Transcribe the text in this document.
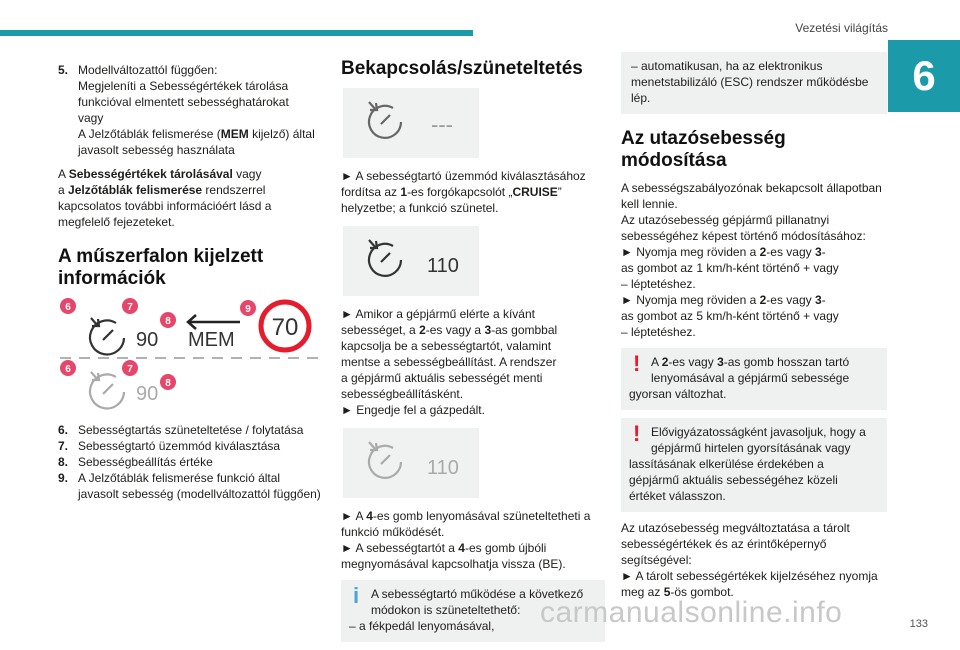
Vezetési világítás
6
5. Modellváltozattól függően:

Megjeleníti a Sebességértékek tárolása

funkcióval elmentett sebességhatárokat

vagy

A Jelzőtáblák felismerése (MEM kijelző) által

javasolt sebesség használata

A Sebességértékek tárolásával vagy

a Jelzőtáblák felismerése rendszerrel

kapcsolatos további információért lásd a

megfelelő fejezeteket.

A műszerfalon kijelzett információk
90 MEM 70
90
6	7
8
9
6	7
8
6. Sebességtartás szüneteltetése / folytatása
7. Sebességtartó üzemmód kiválasztása
8. Sebességbeállítás értéke
9. A Jelzőtáblák felismerése funkció által

javasolt sebesség (modellváltozattól függően)

Bekapcsolás/szüneteltetés
---

► A sebességtartó üzemmód kiválasztásához

fordítsa az 1-es forgókapcsolót „CRUISE”

helyzetbe; a funkció szünetel.

110

► Amikor a gépjármű elérte a kívánt

sebességet, a 2-es vagy a 3-as gombbal

kapcsolja be a sebességtartót, valamint

mentse a sebességbeállítást. A rendszer

a gépjármű aktuális sebességét menti

sebességbeállításként.

► Engedje fel a gázpedált.

110

► A 4-es gomb lenyomásával szüneteltetheti a

funkció működését.

► A sebességtartót a 4-es gomb újbóli

megnyomásával kapcsolhatja vissza (BE).

i A sebességtartó működése a következő

módokon is szüneteltethető:

– a fékpedál lenyomásával,

– automatikusan, ha az elektronikus

menetstabilizáló (ESC) rendszer működésbe

lép.

Az utazósebesség módosítása

A sebességszabályozónak bekapcsolt állapotban

kell lennie.

Az utazósebesség gépjármű pillanatnyi

sebességéhez képest történő módosításához:

► Nyomja meg röviden a 2-es vagy 3-

as gombot az 1 km/h-ként történő + vagy

– léptetéshez.

► Nyomja meg röviden a 2-es vagy 3-

as gombot az 5 km/h-ként történő + vagy

– léptetéshez.

! A 2-es vagy 3-as gomb hosszan tartó

lenyomásával a gépjármű sebessége

gyorsan változhat.

! Elővigyázatosságként javasoljuk, hogy a

gépjármű hirtelen gyorsításának vagy

lassításának elkerülése érdekében a

gépjármű aktuális sebességéhez közeli

értéket válasszon.

Az utazósebesség megváltoztatása a tárolt

sebességértékek és az érintőképernyő

segítségével:

► A tárolt sebességértékek kijelzéséhez nyomja

meg az 5-ös gombot.

carmanualsonline.info	133
